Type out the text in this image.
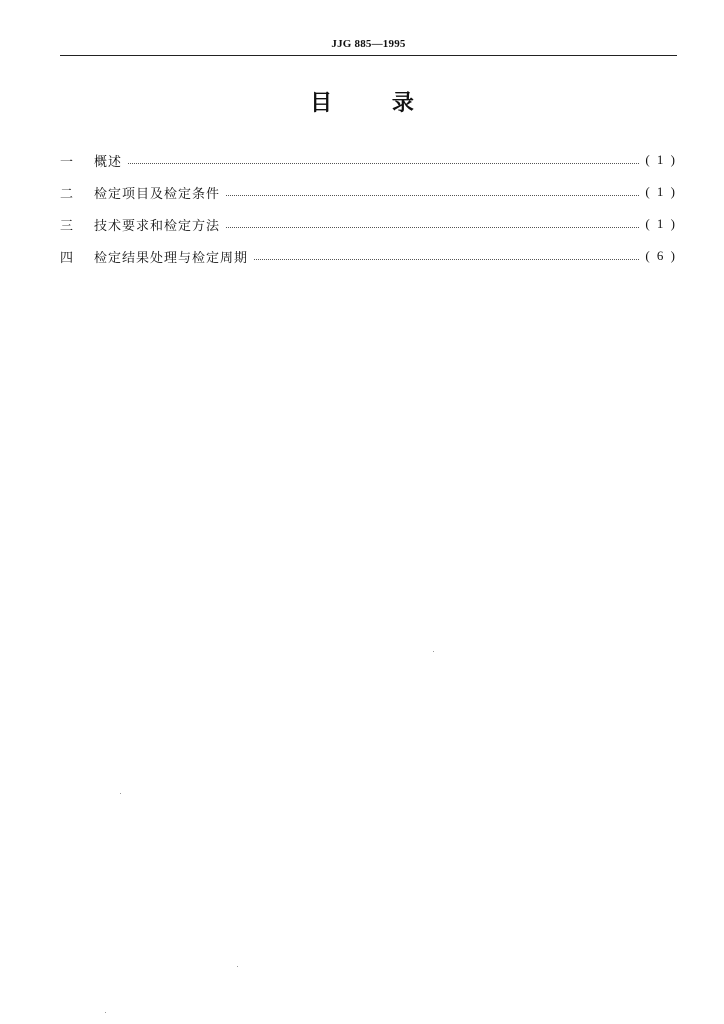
JJG 885—1995
目 录
一	概述	( 1 )
二	检定项目及检定条件	( 1 )
三	技术要求和检定方法	( 1 )
四	检定结果处理与检定周期	( 6 )
